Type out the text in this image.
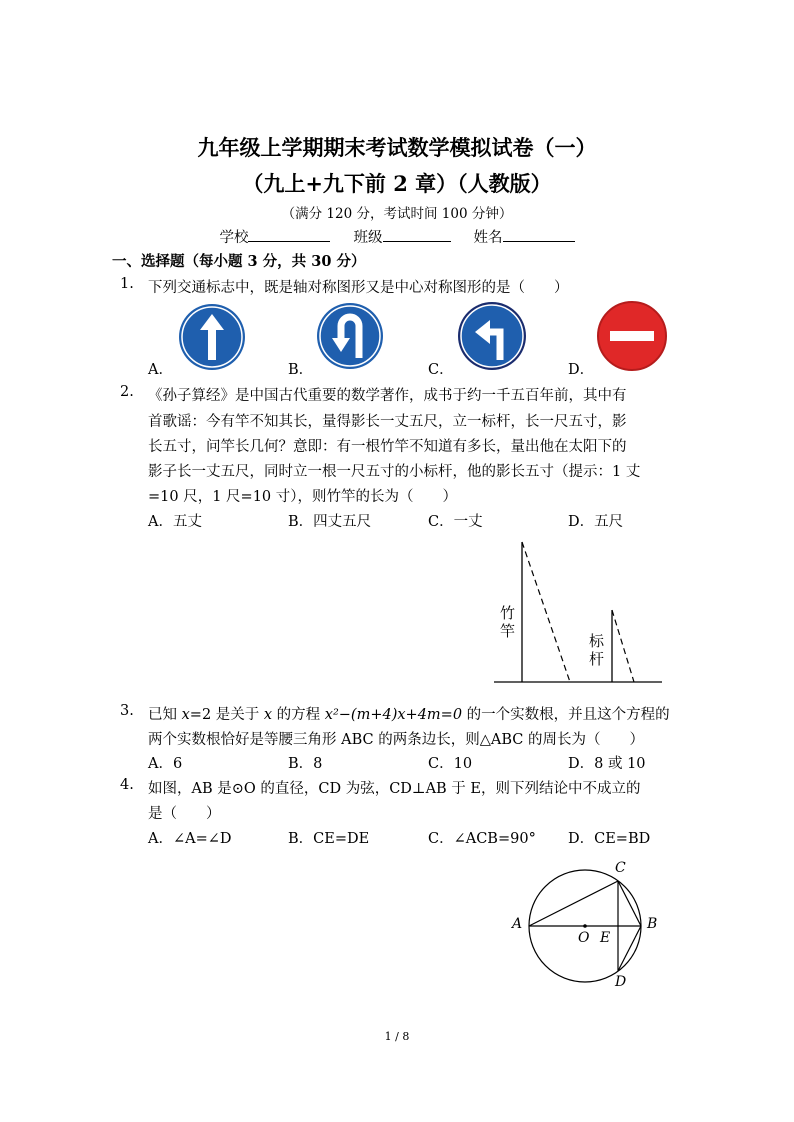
九年级上学期期末考试数学模拟试卷（一）
（九上+九下前 2 章）（人教版）
（满分 120 分，考试时间 100 分钟）
学校	班级	姓名
一、选择题（每小题 3 分，共 30 分）
1. 下列交通标志中，既是轴对称图形又是中心对称图形的是（　　）
A．	B．	C．	D．
2. 《孙子算经》是中国古代重要的数学著作，成书于约一千五百年前，其中有
首歌谣：今有竿不知其长，量得影长一丈五尺，立一标杆，长一尺五寸，影
长五寸，问竿长几何？意即：有一根竹竿不知道有多长，量出他在太阳下的
影子长一丈五尺，同时立一根一尺五寸的小标杆，他的影长五寸（提示：1 丈
=10 尺，1 尺=10 寸），则竹竿的长为（　　）
A．五丈	B．四丈五尺	C．一丈	D．五尺
竹竿
标杆
3. 已知 x=2 是关于 x 的方程 x²−(m+4)x+4m=0 的一个实数根，并且这个方程的
两个实数根恰好是等腰三角形 ABC 的两条边长，则△ABC 的周长为（　　）
A．6	B．8	C．10	D．8 或 10
4. 如图，AB 是⊙O 的直径，CD 为弦，CD⊥AB 于 E，则下列结论中不成立的
是（　　）
A．∠A=∠D	B．CE=DE	C．∠ACB=90° D．CE=BD
A	B
C
D
O E
1 / 8
